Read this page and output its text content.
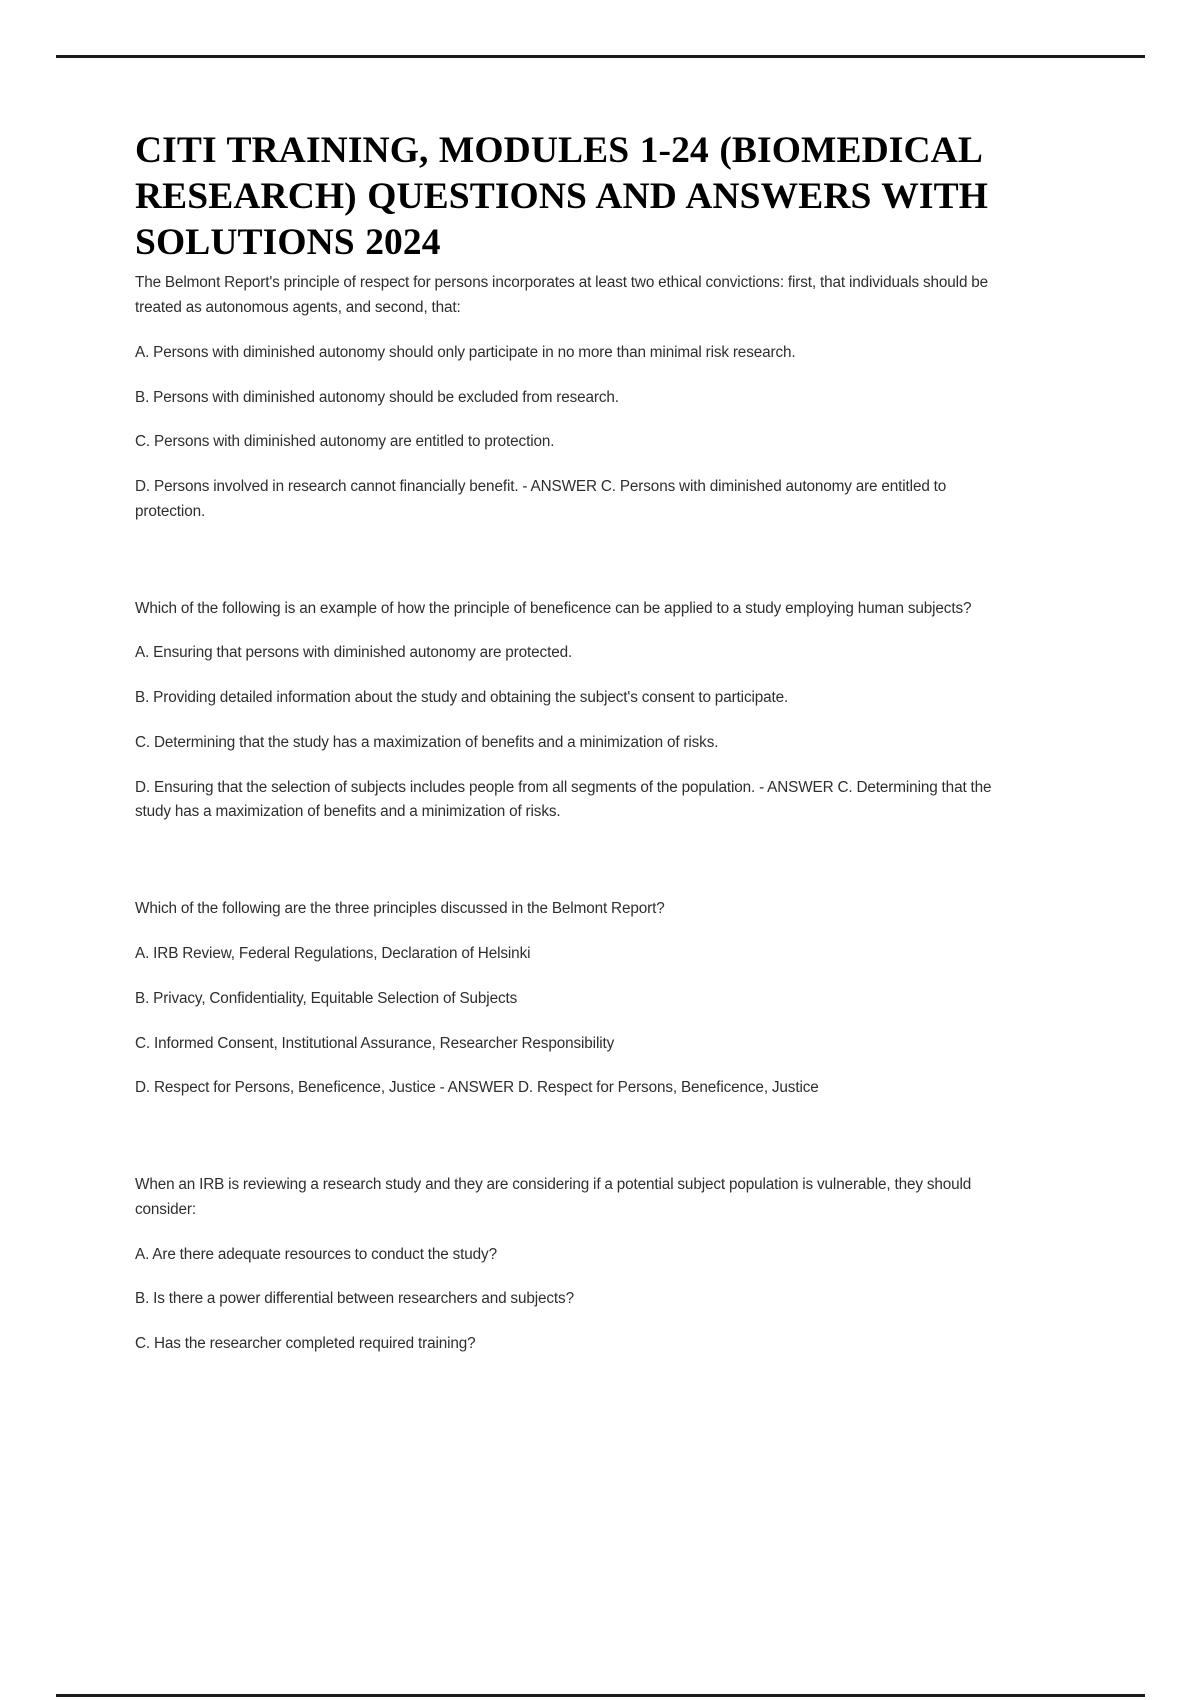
CITI TRAINING, MODULES 1-24 (BIOMEDICAL RESEARCH) QUESTIONS AND ANSWERS WITH SOLUTIONS 2024

The Belmont Report's principle of respect for persons incorporates at least two ethical convictions: first, that individuals should be treated as autonomous agents, and second, that:

A. Persons with diminished autonomy should only participate in no more than minimal risk research.

B. Persons with diminished autonomy should be excluded from research.

C. Persons with diminished autonomy are entitled to protection.

D. Persons involved in research cannot financially benefit. - ANSWER C. Persons with diminished autonomy are entitled to protection.

Which of the following is an example of how the principle of beneficence can be applied to a study employing human subjects?

A. Ensuring that persons with diminished autonomy are protected.

B. Providing detailed information about the study and obtaining the subject's consent to participate.

C. Determining that the study has a maximization of benefits and a minimization of risks.

D. Ensuring that the selection of subjects includes people from all segments of the population. - ANSWER C. Determining that the study has a maximization of benefits and a minimization of risks.

Which of the following are the three principles discussed in the Belmont Report?

A. IRB Review, Federal Regulations, Declaration of Helsinki

B. Privacy, Confidentiality, Equitable Selection of Subjects

C. Informed Consent, Institutional Assurance, Researcher Responsibility

D. Respect for Persons, Beneficence, Justice - ANSWER D. Respect for Persons, Beneficence, Justice

When an IRB is reviewing a research study and they are considering if a potential subject population is vulnerable, they should consider:

A. Are there adequate resources to conduct the study?

B. Is there a power differential between researchers and subjects?

C. Has the researcher completed required training?
